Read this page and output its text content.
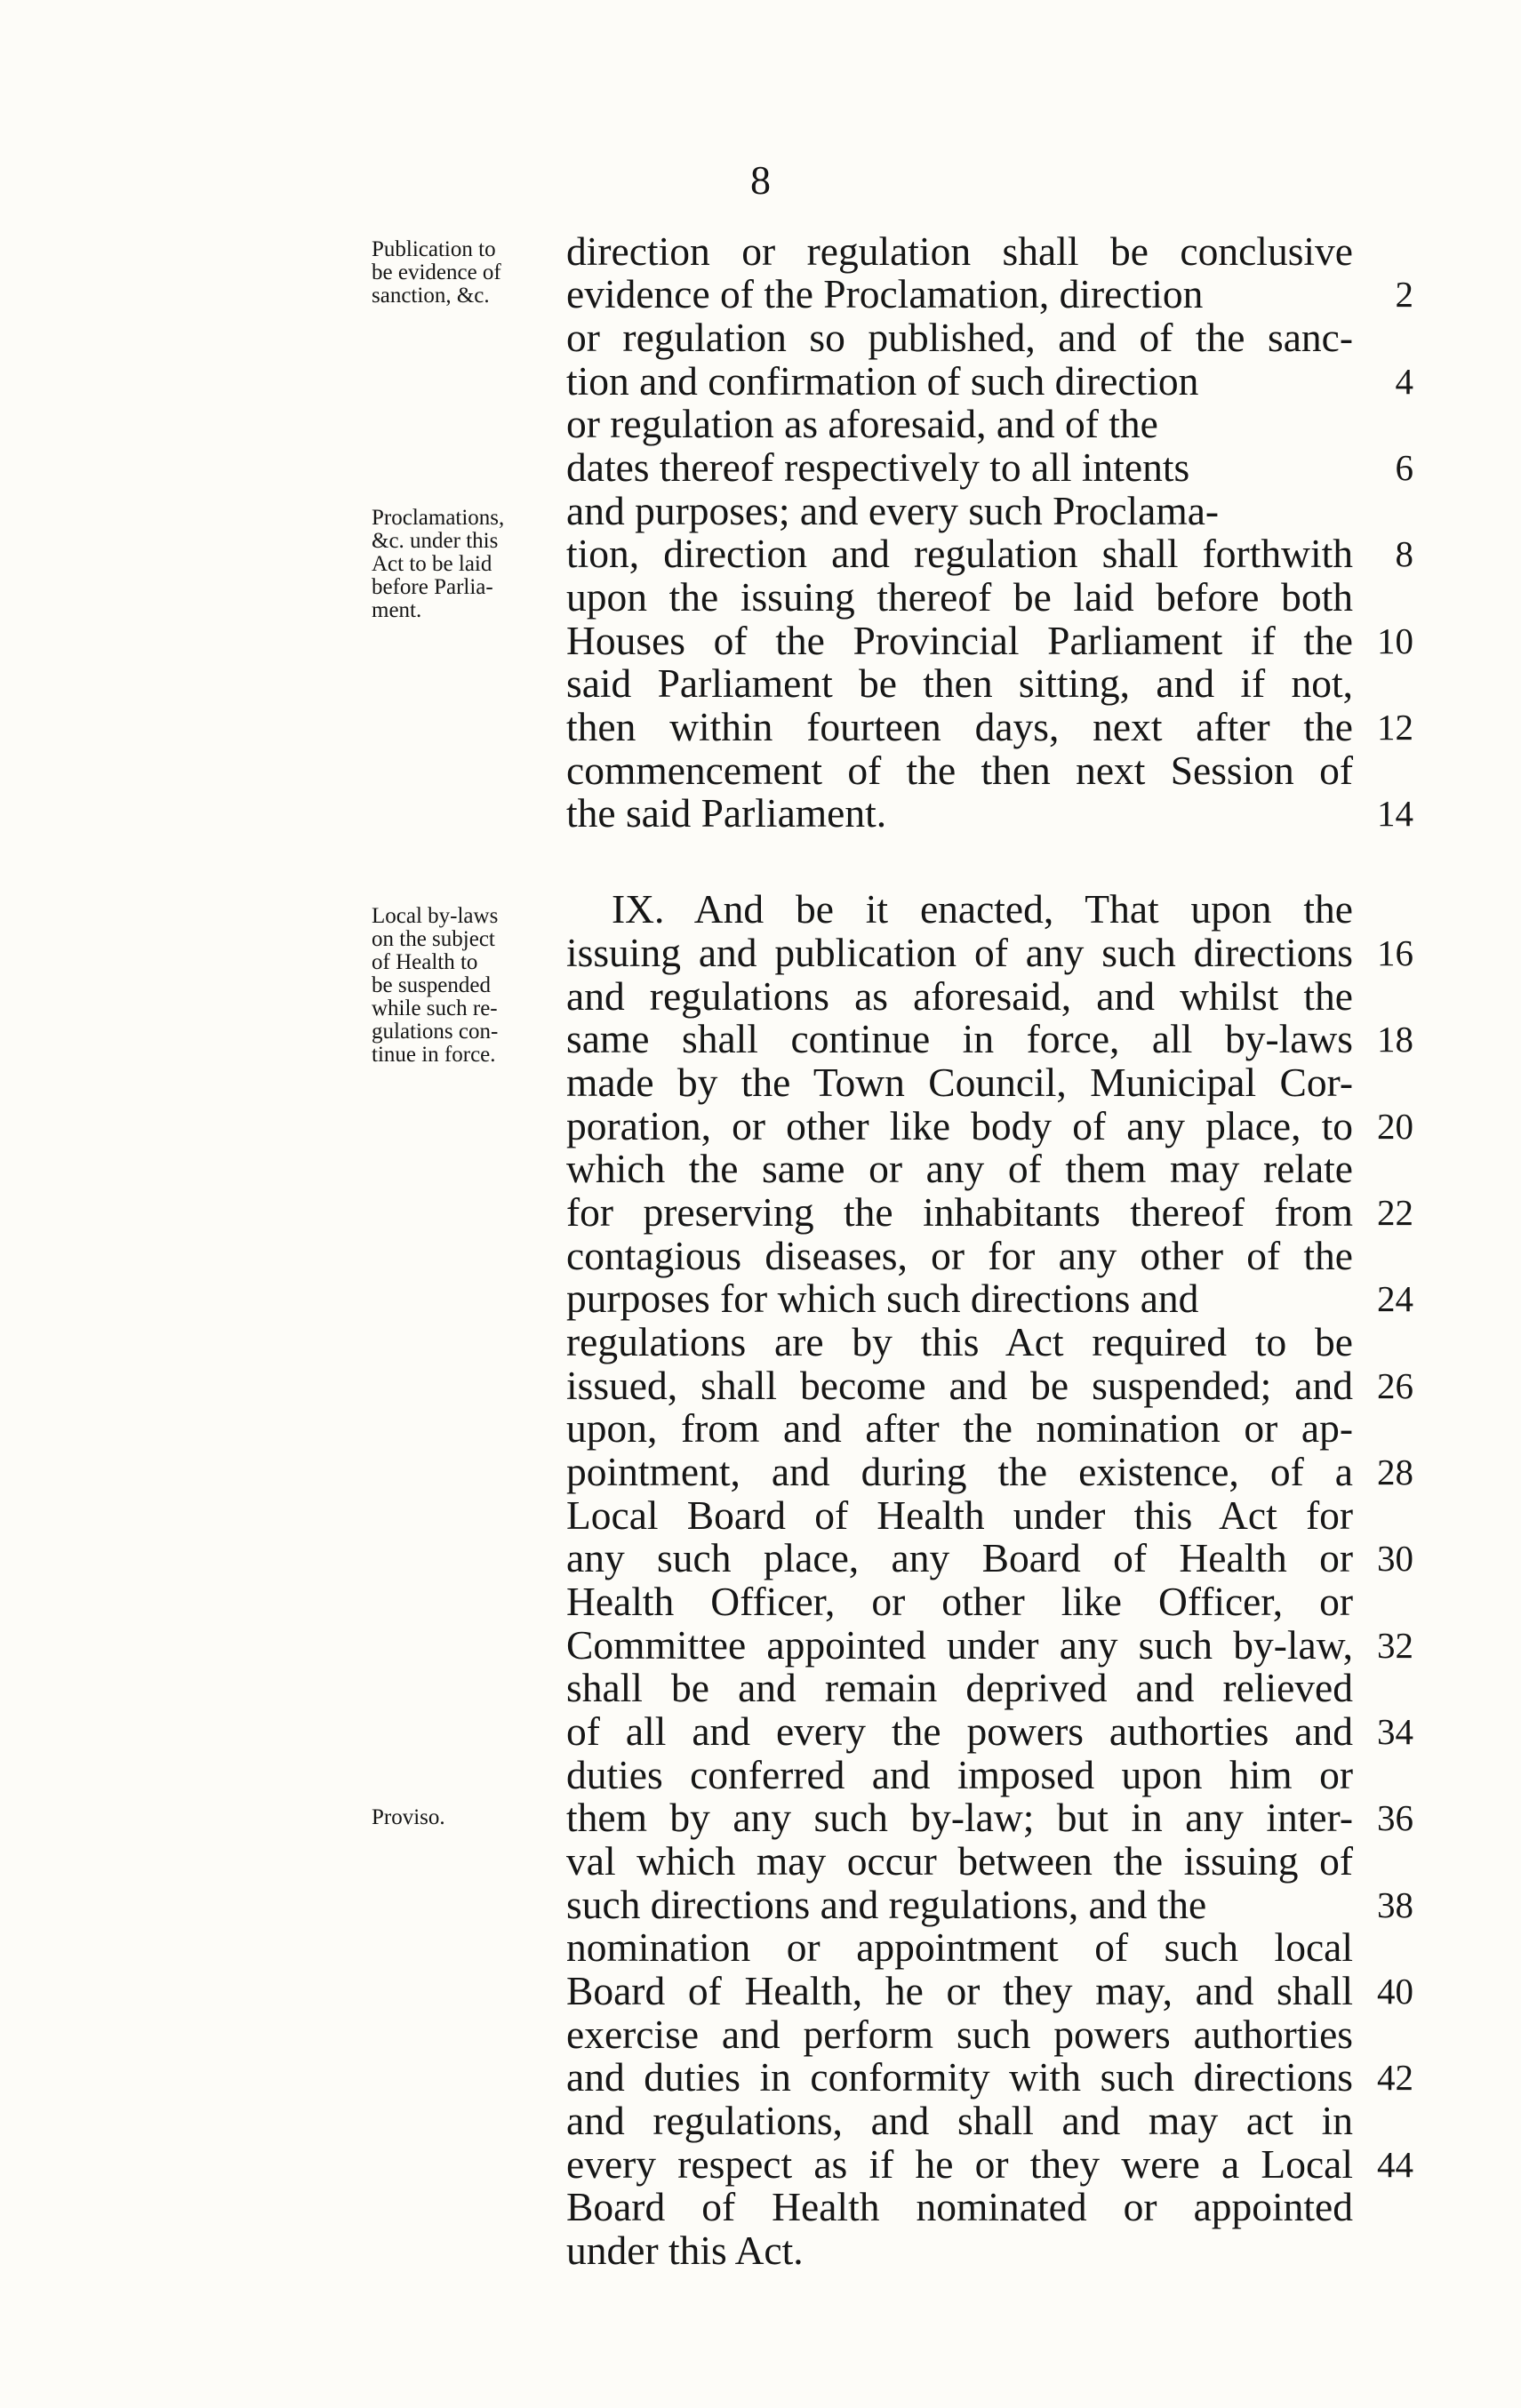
8
Publication to
be evidence of
sanction, &c.
Proclamations,
&c. under this
Act to be laid
before Parlia-
ment.
Local by-laws
on the subject
of Health to
be suspended
while such re-
gulations con-
tinue in force.
Proviso.
direction or regulation shall be conclusive
evidence of the Proclamation, direction
or regulation so published, and of the sanc-
tion and confirmation of such direction
or regulation as aforesaid, and of the
dates thereof respectively to all intents
and purposes; and every such Proclama-
tion, direction and regulation shall forthwith
upon the issuing thereof be laid before both
Houses of the Provincial Parliament if the
said Parliament be then sitting, and if not,
then within fourteen days, next after the
commencement of the then next Session of
the said Parliament.
IX. And be it enacted, That upon the
issuing and publication of any such directions
and regulations as aforesaid, and whilst the
same shall continue in force, all by-laws
made by the Town Council, Municipal Cor-
poration, or other like body of any place, to
which the same or any of them may relate
for preserving the inhabitants thereof from
contagious diseases, or for any other of the
purposes for which such directions and
regulations are by this Act required to be
issued, shall become and be suspended; and
upon, from and after the nomination or ap-
pointment, and during the existence, of a
Local Board of Health under this Act for
any such place, any Board of Health or
Health Officer, or other like Officer, or
Committee appointed under any such by-law,
shall be and remain deprived and relieved
of all and every the powers authorties and
duties conferred and imposed upon him or
them by any such by-law; but in any inter-
val which may occur between the issuing of
such directions and regulations, and the
nomination or appointment of such local
Board of Health, he or they may, and shall
exercise and perform such powers authorties
and duties in conformity with such directions
and regulations, and shall and may act in
every respect as if he or they were a Local
Board of Health nominated or appointed
under this Act.
2
4
6
8
10
12
14
16
18
20
22
24
26
28
30
32
34
36
38
40
42
44
